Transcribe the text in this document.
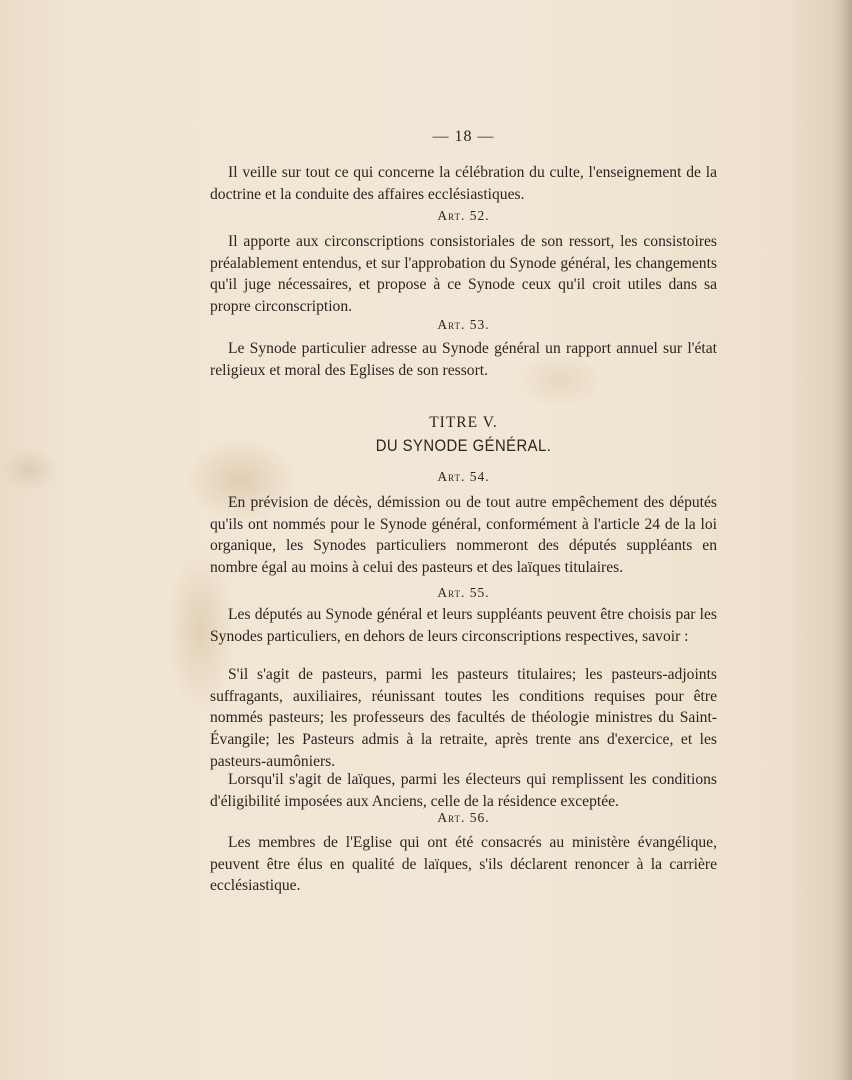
— 18 —
Il veille sur tout ce qui concerne la célébration du culte, l'enseignement de la doctrine et la conduite des affaires ecclésiastiques.
Art. 52.
Il apporte aux circonscriptions consistoriales de son ressort, les consistoires préalablement entendus, et sur l'approbation du Synode général, les changements qu'il juge nécessaires, et propose à ce Synode ceux qu'il croit utiles dans sa propre circonscription.
Art. 53.
Le Synode particulier adresse au Synode général un rapport annuel sur l'état religieux et moral des Eglises de son ressort.
TITRE V.
DU SYNODE GÉNÉRAL.
Art. 54.
En prévision de décès, démission ou de tout autre empêchement des députés qu'ils ont nommés pour le Synode général, conformément à l'article 24 de la loi organique, les Synodes particuliers nommeront des députés suppléants en nombre égal au moins à celui des pasteurs et des laïques titulaires.
Art. 55.
Les députés au Synode général et leurs suppléants peuvent être choisis par les Synodes particuliers, en dehors de leurs circonscriptions respectives, savoir :
S'il s'agit de pasteurs, parmi les pasteurs titulaires; les pasteurs-adjoints suffragants, auxiliaires, réunissant toutes les conditions requises pour être nommés pasteurs; les professeurs des facultés de théologie ministres du Saint-Évangile; les Pasteurs admis à la retraite, après trente ans d'exercice, et les pasteurs-aumôniers.
Lorsqu'il s'agit de laïques, parmi les électeurs qui remplissent les conditions d'éligibilité imposées aux Anciens, celle de la résidence exceptée.
Art. 56.
Les membres de l'Eglise qui ont été consacrés au ministère évangélique, peuvent être élus en qualité de laïques, s'ils déclarent renoncer à la carrière ecclésiastique.
